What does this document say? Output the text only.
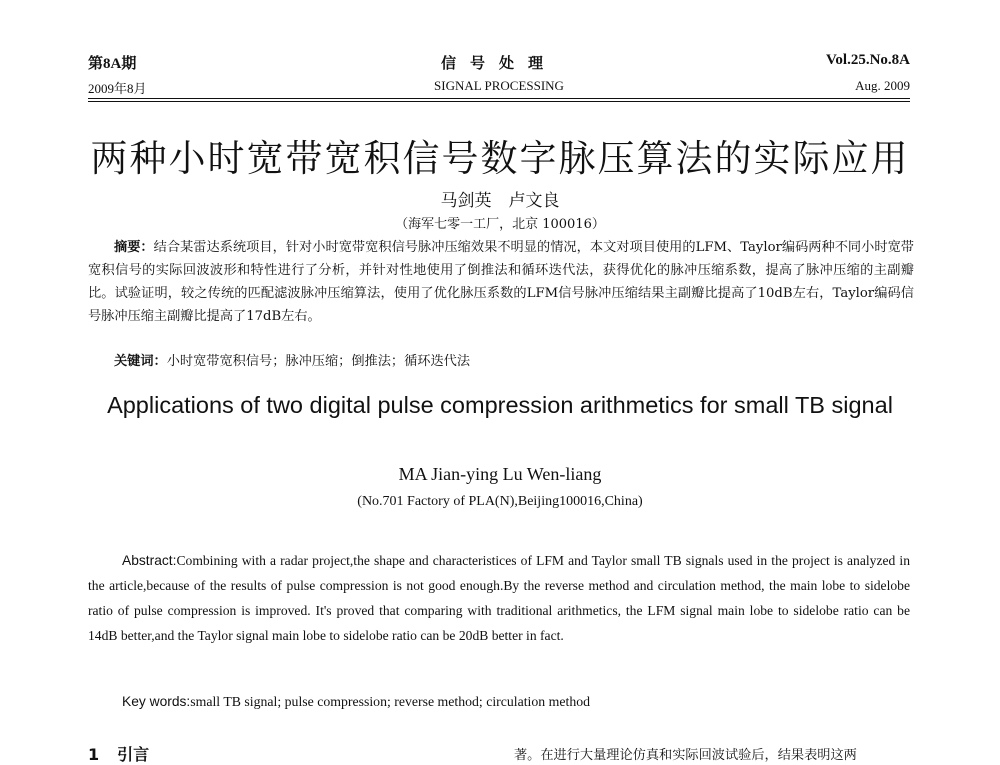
第8A期	信号处理	Vol.25.No.8A
2009年8月	SIGNAL PROCESSING	Aug. 2009
两种小时宽带宽积信号数字脉压算法的实际应用
马剑英　卢文良
（海军七零一工厂，北京 100016）

摘要：结合某雷达系统项目，针对小时宽带宽积信号脉冲压缩效果不明显的情况，本文对项目使用的LFM、Taylor编码两种不同小时宽带宽积信号的实际回波波形和特性进行了分析，并针对性地使用了倒推法和循环迭代法，获得优化的脉冲压缩系数，提高了脉冲压缩的主副瓣比。试验证明，较之传统的匹配滤波脉冲压缩算法，使用了优化脉压系数的LFM信号脉冲压缩结果主副瓣比提高了10dB左右，Taylor编码信号脉冲压缩主副瓣比提高了17dB左右。

关键词：小时宽带宽积信号；脉冲压缩；倒推法；循环迭代法
Applications of two digital pulse compression arithmetics for small TB signal
MA Jian-ying Lu Wen-liang
(No.701 Factory of PLA(N),Beijing100016,China)

Abstract:Combining with a radar project,the shape and characteristices of LFM and Taylor small TB signals used in the project is analyzed in the article,because of the results of pulse compression is not good enough.By the reverse method and circulation method, the main lobe to sidelobe ratio of pulse compression is improved. It's proved that comparing with traditional arithmetics, the LFM signal main lobe to sidelobe ratio can be 14dB better,and the Taylor signal main lobe to sidelobe ratio can be 20dB better in fact.

Key words:small TB signal; pulse compression; reverse method; circulation method
1 引言	著。在进行大量理论仿真和实际回波试验后，结果表明这两
